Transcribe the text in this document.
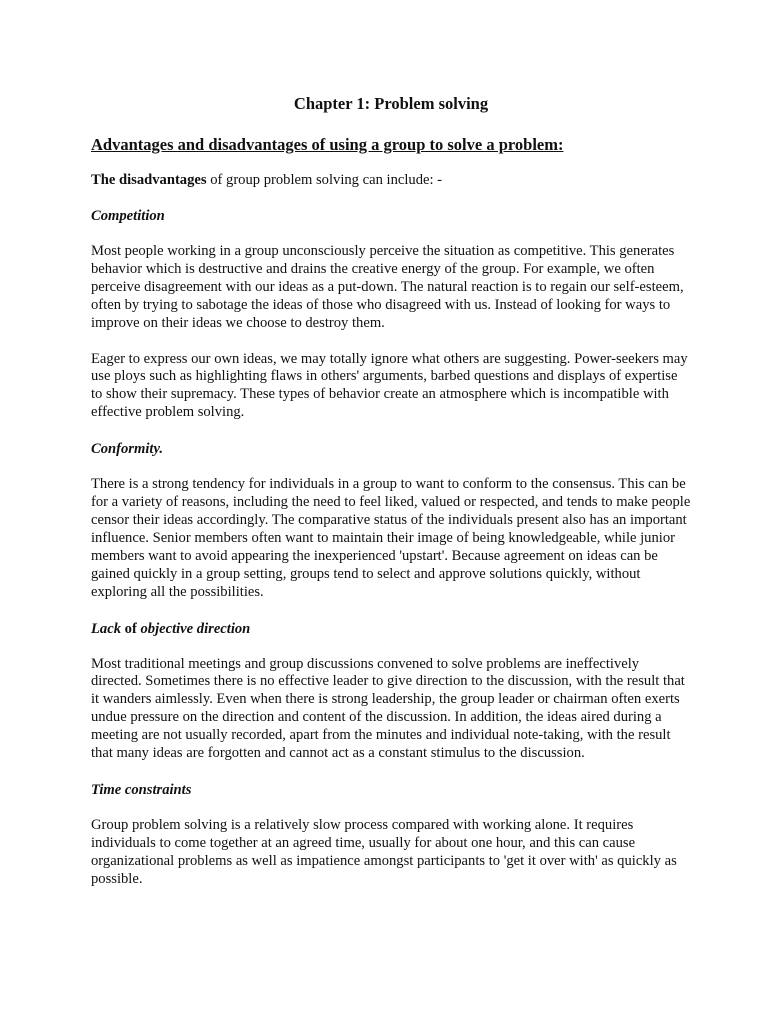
Chapter 1: Problem solving
Advantages and disadvantages of using a group to solve a problem:
The disadvantages of group problem solving can include: -
Competition

Most people working in a group unconsciously perceive the situation as competitive. This generates behavior which is destructive and drains the creative energy of the group. For example, we often perceive disagreement with our ideas as a put-down. The natural reaction is to regain our self-esteem, often by trying to sabotage the ideas of those who disagreed with us. Instead of looking for ways to improve on their ideas we choose to destroy them.

Eager to express our own ideas, we may totally ignore what others are suggesting. Power-seekers may use ploys such as highlighting flaws in others' arguments, barbed questions and displays of expertise to show their supremacy. These types of behavior create an atmosphere which is incompatible with effective problem solving.

Conformity.

There is a strong tendency for individuals in a group to want to conform to the consensus. This can be for a variety of reasons, including the need to feel liked, valued or respected, and tends to make people censor their ideas accordingly. The comparative status of the individuals present also has an important influence. Senior members often want to maintain their image of being knowledgeable, while junior members want to avoid appearing the inexperienced 'upstart'. Because agreement on ideas can be gained quickly in a group setting, groups tend to select and approve solutions quickly, without exploring all the possibilities.

Lack of objective direction

Most traditional meetings and group discussions convened to solve problems are ineffectively directed. Sometimes there is no effective leader to give direction to the discussion, with the result that it wanders aimlessly. Even when there is strong leadership, the group leader or chairman often exerts undue pressure on the direction and content of the discussion. In addition, the ideas aired during a meeting are not usually recorded, apart from the minutes and individual note-taking, with the result that many ideas are forgotten and cannot act as a constant stimulus to the discussion.

Time constraints

Group problem solving is a relatively slow process compared with working alone. It requires individuals to come together at an agreed time, usually for about one hour, and this can cause organizational problems as well as impatience amongst participants to 'get it over with' as quickly as possible.
